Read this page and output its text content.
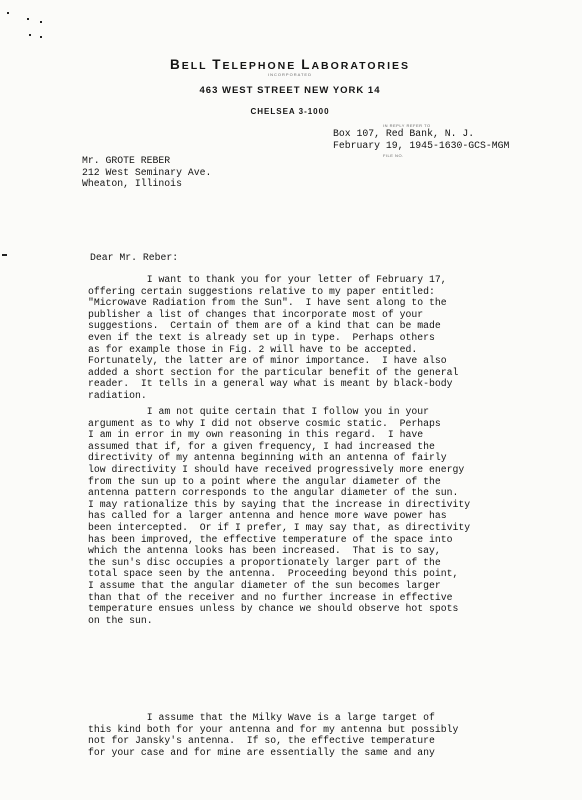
BELL TELEPHONE LABORATORIES
INCORPORATED
463 WEST STREET NEW YORK 14
CHELSEA 3-1000
IN REPLY REFER TO
Box 107, Red Bank, N. J.
February 19, 1945-1630-GCS-MGM
FILE NO.
Mr. GROTE REBER
212 West Seminary Ave.
Wheaton, Illinois
Dear Mr. Reber:
I want to thank you for your letter of February 17,
offering certain suggestions relative to my paper entitled:
"Microwave Radiation from the Sun".  I have sent along to the
publisher a list of changes that incorporate most of your
suggestions.  Certain of them are of a kind that can be made
even if the text is already set up in type.  Perhaps others
as for example those in Fig. 2 will have to be accepted.
Fortunately, the latter are of minor importance.  I have also
added a short section for the particular benefit of the general
reader.  It tells in a general way what is meant by black-body
radiation.
I am not quite certain that I follow you in your
argument as to why I did not observe cosmic static.  Perhaps
I am in error in my own reasoning in this regard.  I have
assumed that if, for a given frequency, I had increased the
directivity of my antenna beginning with an antenna of fairly
low directivity I should have received progressively more energy
from the sun up to a point where the angular diameter of the
antenna pattern corresponds to the angular diameter of the sun.
I may rationalize this by saying that the increase in directivity
has called for a larger antenna and hence more wave power has
been intercepted.  Or if I prefer, I may say that, as directivity
has been improved, the effective temperature of the space into
which the antenna looks has been increased.  That is to say,
the sun's disc occupies a proportionately larger part of the
total space seen by the antenna.  Proceeding beyond this point,
I assume that the angular diameter of the sun becomes larger
than that of the receiver and no further increase in effective
temperature ensues unless by chance we should observe hot spots
on the sun.
I assume that the Milky Wave is a large target of
this kind both for your antenna and for my antenna but possibly
not for Jansky's antenna.  If so, the effective temperature
for your case and for mine are essentially the same and any
